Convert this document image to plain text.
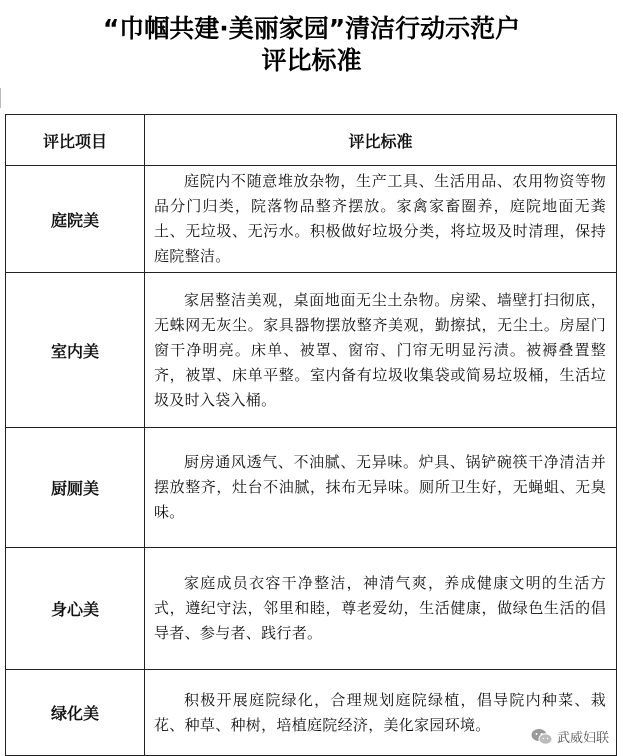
“巾帼共建·美丽家园”清洁行动示范户
评比标准
评比项目	评比标准
庭院美	庭院内不随意堆放杂物，生产工具、生活用品、农用物资等物品分门归类，院落物品整齐摆放。家禽家畜圈养，庭院地面无粪土、无垃圾、无污水。积极做好垃圾分类，将垃圾及时清理，保持庭院整洁。

室内美	家居整洁美观，桌面地面无尘土杂物。房梁、墙壁打扫彻底，无蛛网无灰尘。家具器物摆放整齐美观，勤擦拭，无尘土。房屋门窗干净明亮。床单、被罩、窗帘、门帘无明显污渍。被褥叠置整齐，被罩、床单平整。室内备有垃圾收集袋或简易垃圾桶，生活垃圾及时入袋入桶。

厨厕美	厨房通风透气、不油腻、无异味。炉具、锅铲碗筷干净清洁并摆放整齐，灶台不油腻，抹布无异味。厕所卫生好，无蝇蛆、无臭味。

身心美	家庭成员衣容干净整洁，神清气爽，养成健康文明的生活方式，遵纪守法，邻里和睦，尊老爱幼，生活健康，做绿色生活的倡导者、参与者、践行者。

绿化美	积极开展庭院绿化，合理规划庭院绿植，倡导院内种菜、栽花、种草、种树，培植庭院经济，美化家园环境。
武威妇联
